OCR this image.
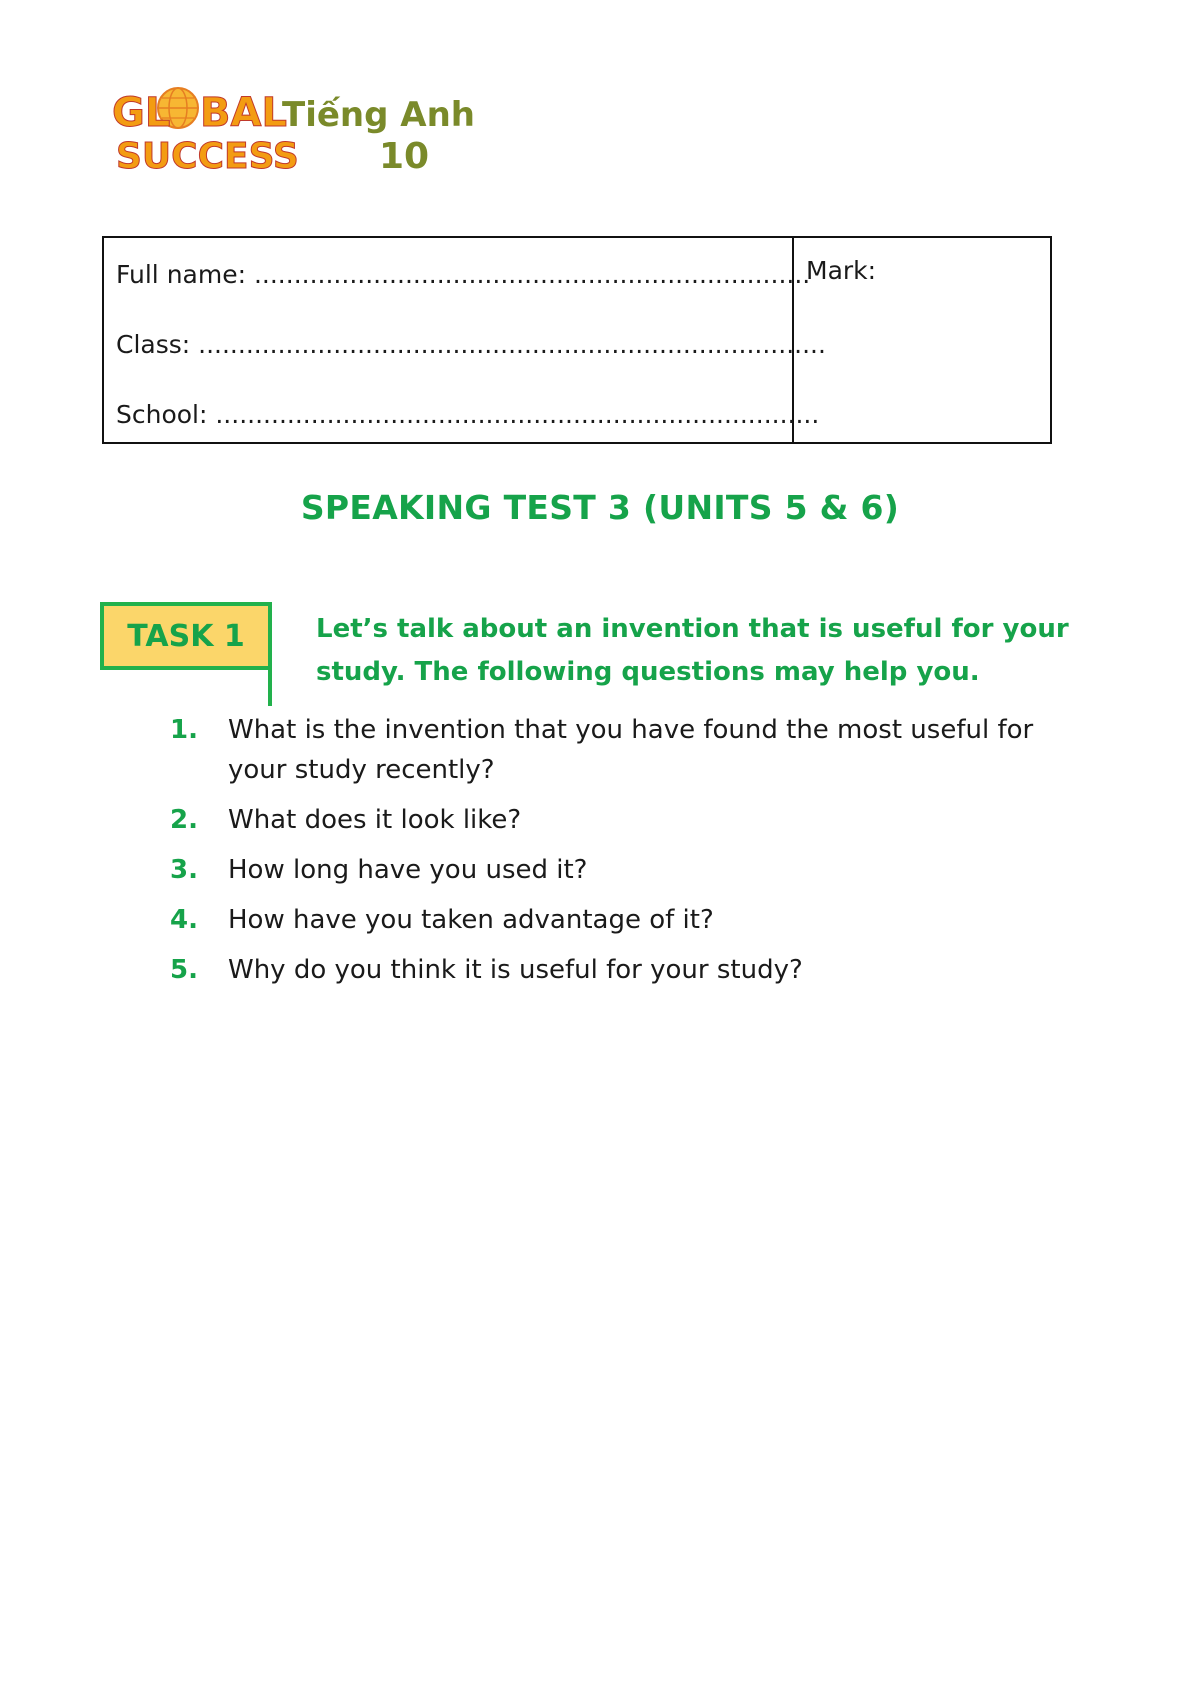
GL BAL
SUCCESS
Tiếng Anh
10
Full name: ......................................................................
Class: ...............................................................................
School: ............................................................................
Mark:
SPEAKING TEST 3 (UNITS 5 & 6)
TASK 1	Let’s talk about an invention that is useful for your study. The following questions may help you.
1.	What is the invention that you have found the most useful for your study recently?
2.	What does it look like?
3.	How long have you used it?
4.	How have you taken advantage of it?
5.	Why do you think it is useful for your study?
